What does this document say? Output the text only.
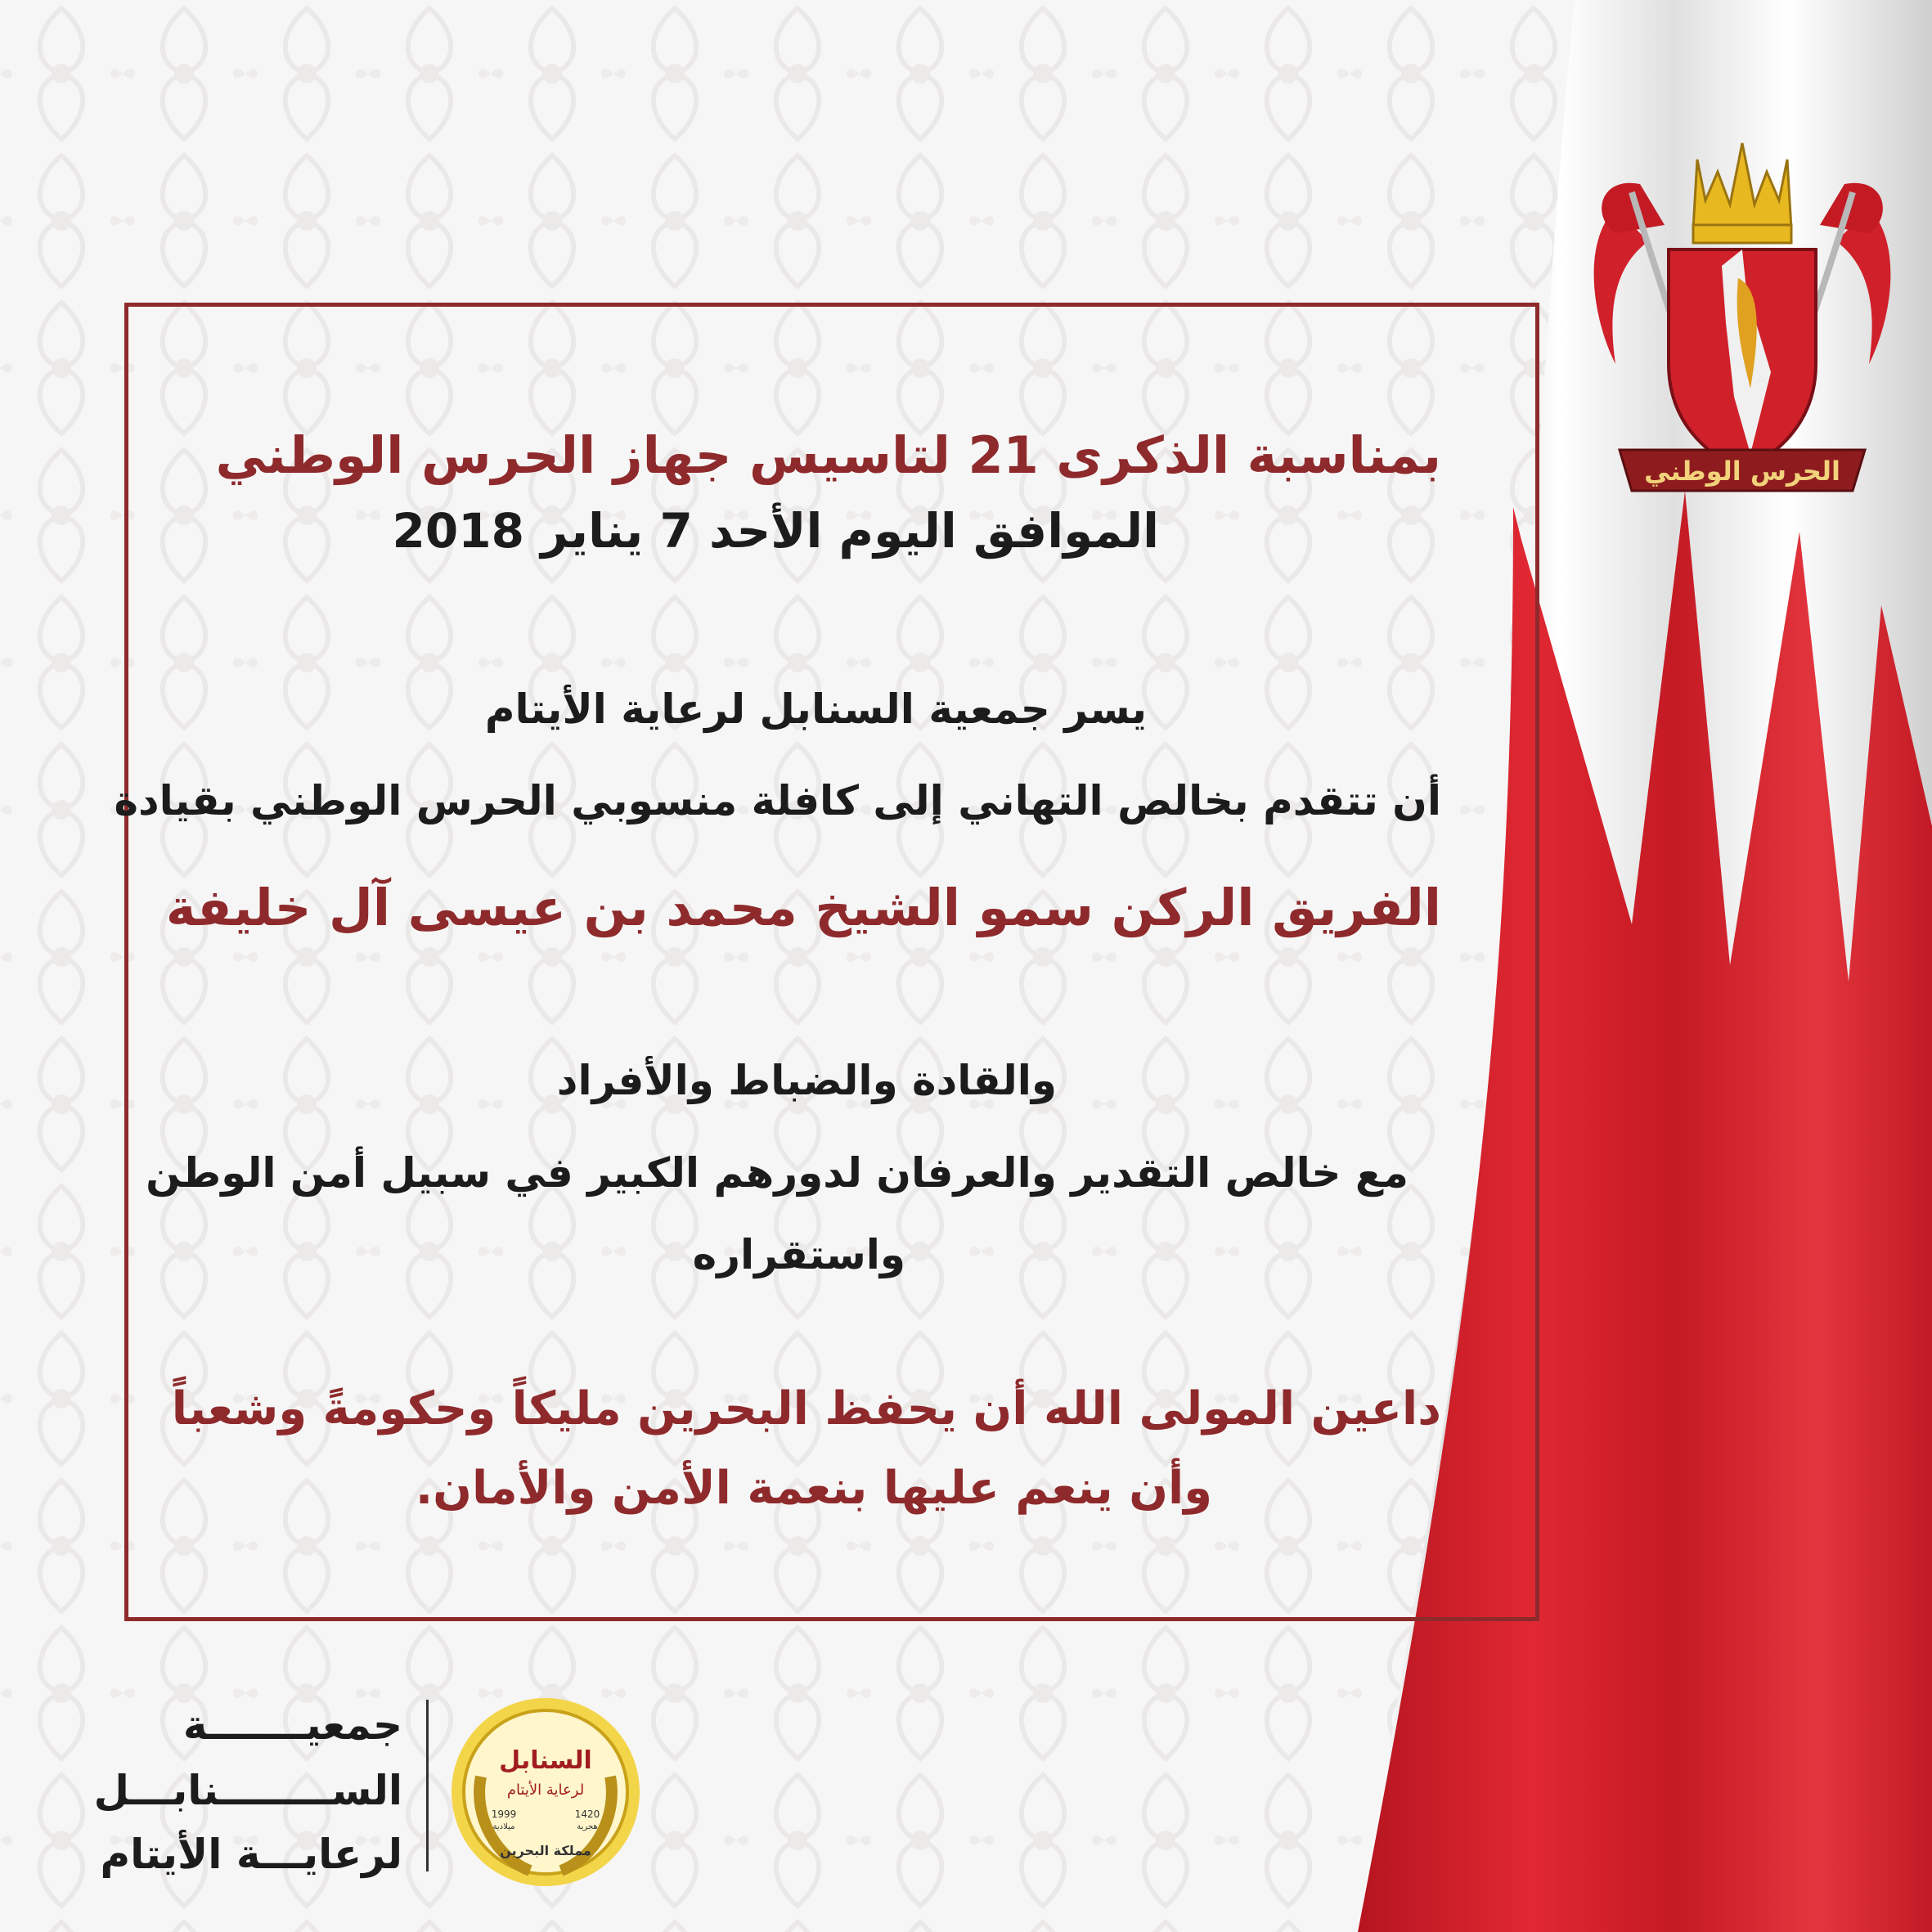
بمناسبة الذكرى 21 لتاسيس جهاز الحرس الوطني
الموافق اليوم الأحد 7 يناير 2018
يسر جمعية السنابل لرعاية الأيتام
أن تتقدم بخالص التهاني إلى كافلة منسوبي الحرس الوطني بقيادة
الفريق الركن سمو الشيخ محمد بن عيسى آل خليفة
والقادة والضباط والأفراد
مع خالص التقدير والعرفان لدورهم الكبير في سبيل أمن الوطن
واستقراره
داعين المولى الله أن يحفظ البحرين مليكاً وحكومةً وشعباً
وأن ينعم عليها بنعمة الأمن والأمان.
الحرس الوطني
جمعيـــــــة
الســــــــنابـــل
لرعايـــة الأيتام
السنابل
لرعاية الأيتام
1999
ميلادية
1420
هجرية
مملكة البحرين
